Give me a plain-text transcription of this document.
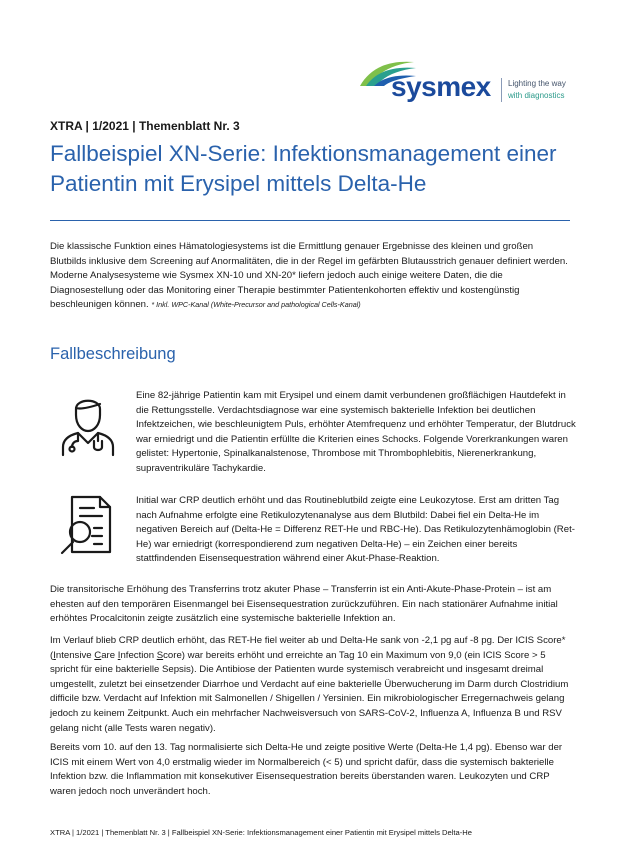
sysmex Lighting the way
with diagnostics
XTRA | 1/2021 | Themenblatt Nr. 3
Fallbeispiel XN-Serie: Infektionsmanagement einer Patientin mit Erysipel mittels Delta-He
Die klassische Funktion eines Hämatologiesystems ist die Ermittlung genauer Ergebnisse des kleinen und großen Blutbilds inklusive dem Screening auf Anormalitäten, die in der Regel im gefärbten Blutausstrich genauer definiert werden. Moderne Analysesysteme wie Sysmex XN-10 und XN-20* liefern jedoch auch einige weitere Daten, die die Diagnosestellung oder das Monitoring einer Therapie bestimmter Patientenkohorten effektiv und kostengünstig beschleunigen können. * Inkl. WPC-Kanal (White-Precursor and pathological Cells-Kanal)
Fallbeschreibung
Eine 82-jährige Patientin kam mit Erysipel und einem damit verbundenen großflächigen Hautdefekt in die Rettungsstelle. Verdachtsdiagnose war eine systemisch bakterielle Infektion bei deutlichen Infektzeichen, wie beschleunigtem Puls, erhöhter Atemfrequenz und erhöhter Temperatur, der Blutdruck war erniedrigt und die Patientin erfüllte die Kriterien eines Schocks. Folgende Vorerkrankungen waren gelistet: Hypertonie, Spinalkanalstenose, Thrombose mit Thrombophlebitis, Nierenerkrankung, supraventrikuläre Tachykardie.
Initial war CRP deutlich erhöht und das Routineblutbild zeigte eine Leukozytose. Erst am dritten Tag nach Aufnahme erfolgte eine Retikulozytenanalyse aus dem Blutbild: Dabei fiel ein Delta-He im negativen Bereich auf (Delta-He = Differenz RET-He und RBC-He). Das Retikulozytenhämoglobin (Ret-He) war erniedrigt (korrespondierend zum negativen Delta-He) – ein Zeichen einer bereits stattfindenden Eisensequestration während einer Akut-Phase-Reaktion.
Die transitorische Erhöhung des Transferrins trotz akuter Phase – Transferrin ist ein Anti-Akute-Phase-Protein – ist am ehesten auf den temporären Eisenmangel bei Eisensequestration zurückzuführen. Ein nach stationärer Aufnahme initial erhöhtes Procalcitonin zeigte zusätzlich eine systemische bakterielle Infektion an.
Im Verlauf blieb CRP deutlich erhöht, das RET-He fiel weiter ab und Delta-He sank von -2,1 pg auf -8 pg. Der ICIS Score* (Intensive Care Infection Score) war bereits erhöht und erreichte an Tag 10 ein Maximum von 9,0 (ein ICIS Score > 5 spricht für eine bakterielle Sepsis). Die Antibiose der Patienten wurde systemisch verabreicht und insgesamt dreimal umgestellt, zuletzt bei einsetzender Diarrhoe und Verdacht auf eine bakterielle Überwucherung im Darm durch Clostridium difficile bzw. Verdacht auf Infektion mit Salmonellen / Shigellen / Yersinien. Ein mikrobiologischer Erregernachweis gelang jedoch zu keinem Zeitpunkt. Auch ein mehrfacher Nachweisversuch von SARS-CoV-2, Influenza A, Influenza B und RSV gelang nicht (alle Tests waren negativ).
Bereits vom 10. auf den 13. Tag normalisierte sich Delta-He und zeigte positive Werte (Delta-He 1,4 pg). Ebenso war der ICIS mit einem Wert von 4,0 erstmalig wieder im Normalbereich (< 5) und spricht dafür, dass die systemisch bakterielle Infektion bzw. die Inflammation mit konsekutiver Eisensequestration bereits überstanden waren. Leukozyten und CRP waren jedoch noch unverändert hoch.
XTRA | 1/2021 | Themenblatt Nr. 3 | Fallbeispiel XN-Serie: Infektionsmanagement einer Patientin mit Erysipel mittels Delta-He
